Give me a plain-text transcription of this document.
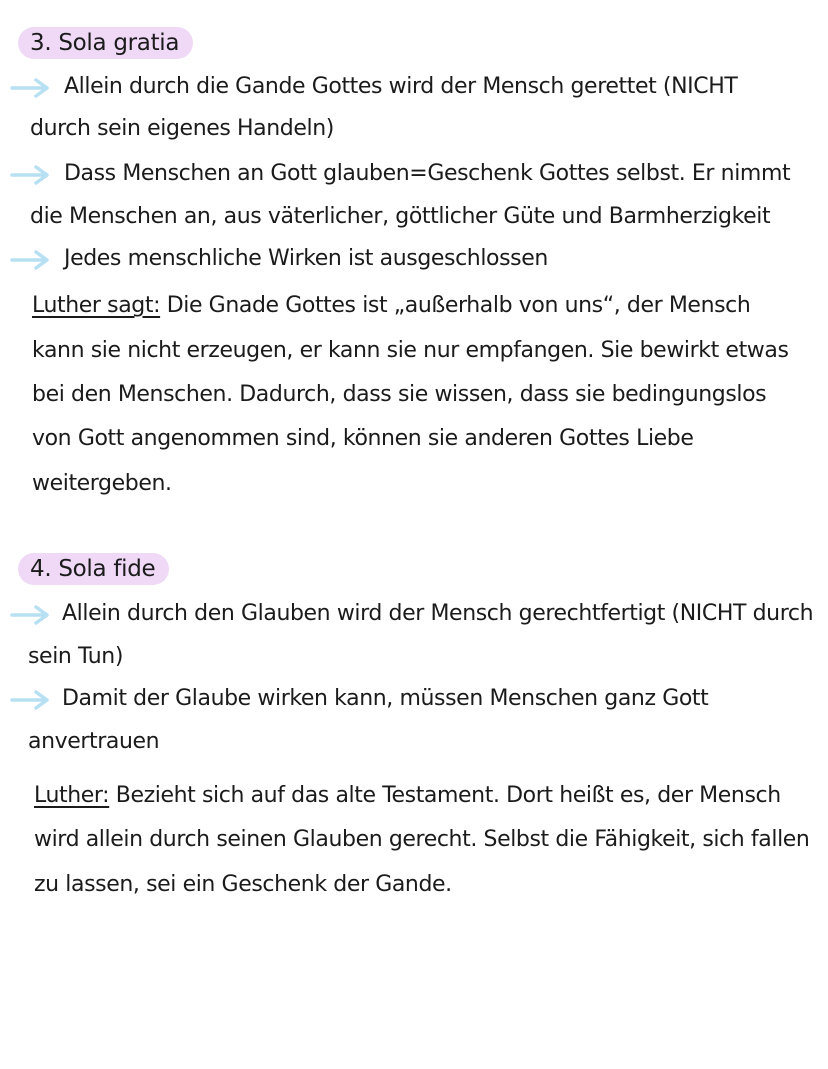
3. Sola gratia
Allein durch die Gande Gottes wird der Mensch gerettet (NICHT
durch sein eigenes Handeln)
Dass Menschen an Gott glauben=Geschenk Gottes selbst. Er nimmt
die Menschen an, aus väterlicher, göttlicher Güte und Barmherzigkeit
Jedes menschliche Wirken ist ausgeschlossen
Luther sagt: Die Gnade Gottes ist „außerhalb von uns“, der Mensch
kann sie nicht erzeugen, er kann sie nur empfangen. Sie bewirkt etwas
bei den Menschen. Dadurch, dass sie wissen, dass sie bedingungslos
von Gott angenommen sind, können sie anderen Gottes Liebe
weitergeben.
4. Sola fide
Allein durch den Glauben wird der Mensch gerechtfertigt (NICHT durch
sein Tun)
Damit der Glaube wirken kann, müssen Menschen ganz Gott
anvertrauen
Luther: Bezieht sich auf das alte Testament. Dort heißt es, der Mensch
wird allein durch seinen Glauben gerecht. Selbst die Fähigkeit, sich fallen
zu lassen, sei ein Geschenk der Gande.
